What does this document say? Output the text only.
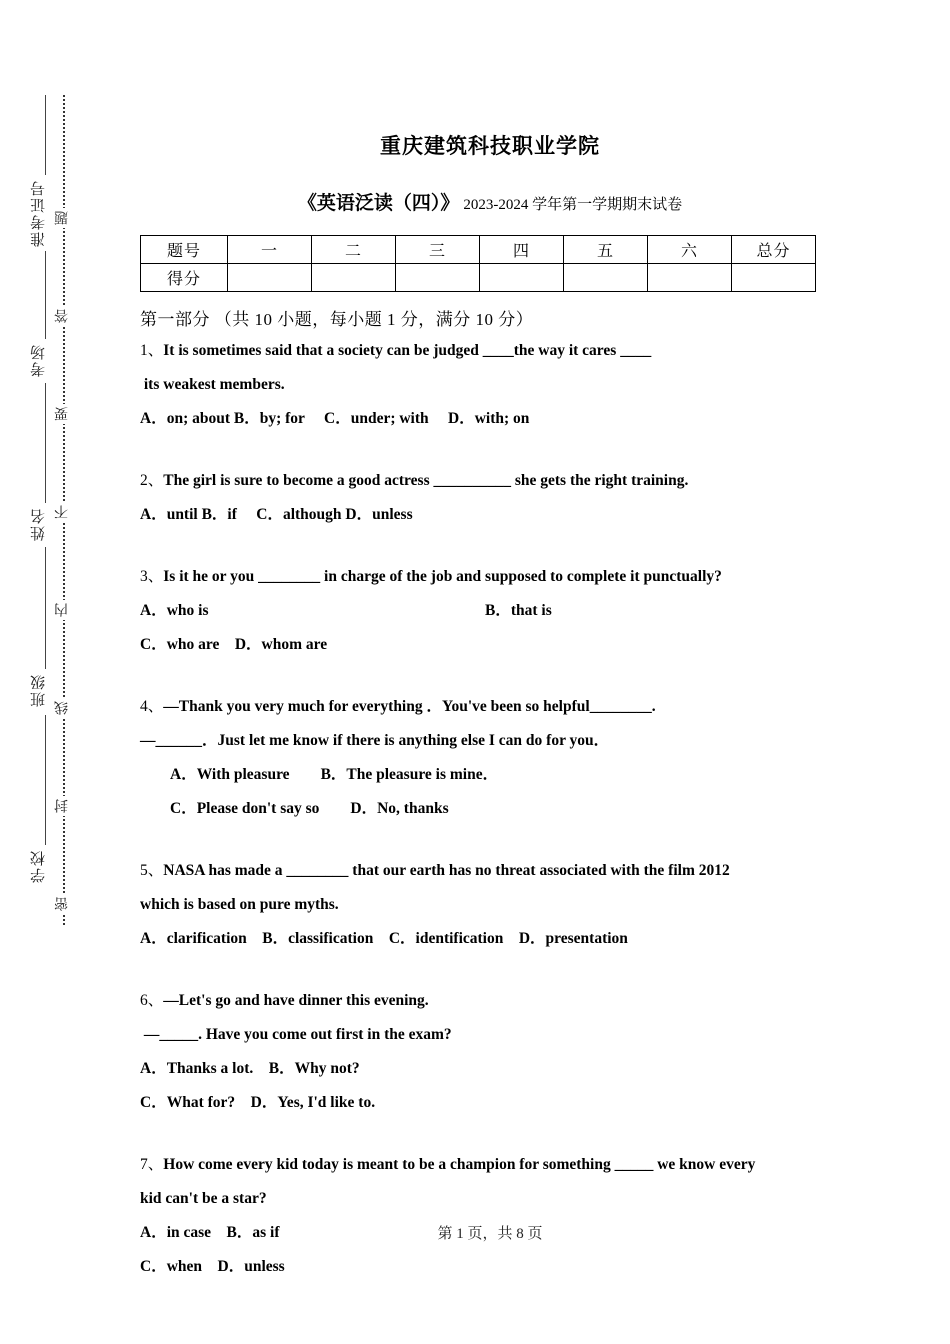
准考证号
考场
姓名
班级
学校
题
答
要
不
内
线
封
密
重庆建筑科技职业学院
《英语泛读（四）》 2023-2024 学年第一学期期末试卷
题号	一	二	三	四	五	六	总分
得分							
第一部分 （共 10 小题，每小题 1 分，满分 10 分）
1、It is sometimes said that a society can be judged ____the way it cares ____
its weakest members.
A．on; about B．by; for　 C．under; with　 D．with; on
2、The girl is sure to become a good actress __________ she gets the right training.
A．until B．if　 C．although D．unless
3、Is it he or you ________ in charge of the job and supposed to complete it punctually?
A．who is	B．that is
C．who are　D．whom are
4、—Thank you very much for everything ．You've been so helpful________.
—______．Just let me know if there is anything else I can do for you．
A．With pleasure　　B．The pleasure is mine．
C．Please don't say so　　D．No, thanks
5、NASA has made a ________ that our earth has no threat associated with the film 2012
which is based on pure myths.
A．clarification　B．classification　C．identification　D．presentation
6、—Let's go and have dinner this evening.
—_____. Have you come out first in the exam?
A．Thanks a lot.　B．Why not?
C．What for?　D．Yes, I'd like to.
7、How come every kid today is meant to be a champion for something _____ we know every
kid can't be a star?
A．in case　B．as if
C．when　D．unless
第 1 页，共 8 页
